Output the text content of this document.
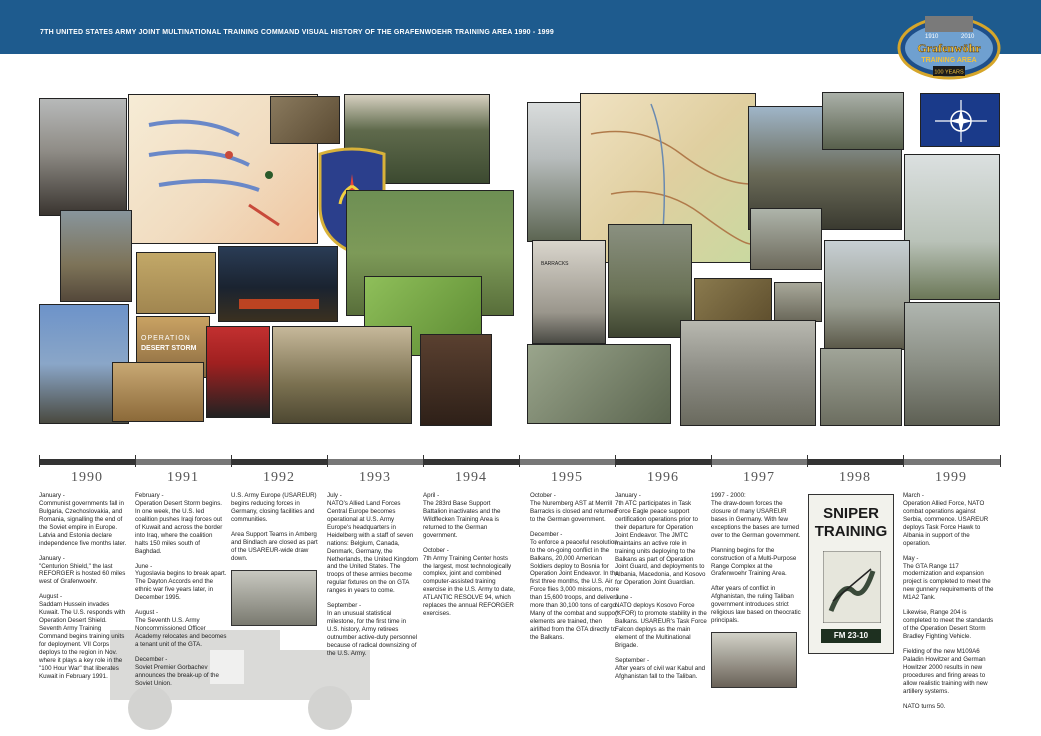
7TH UNITED STATES ARMY JOINT MULTINATIONAL TRAINING COMMAND VISUAL HISTORY OF THE GRAFENWOEHR TRAINING AREA 1990 - 1999
1910	2010
Grafenwöhr
TRAINING AREA
100 YEARS
OPERATION
DESERT STORM
BARRACKS
1990	1991	1992	1993	1994	1995	1996	1997	1998	1999

January -
Communist governments fall in Bulgaria, Czechoslovakia, and Romania, signalling the end of the Soviet empire in Europe. Latvia and Estonia declare independence five months later.

January -
"Centurion Shield," the last REFORGER is hosted 60 miles west of Grafenwoehr.

August -
Saddam Hussein invades Kuwait. The U.S. responds with Operation Desert Shield. Seventh Army Training Command begins training units for deployment. VII Corps deploys to the region in Nov. where it plays a key role in the "100 Hour War" that liberates Kuwait in February 1991.

February -
Operation Desert Storm begins. In one week, the U.S. led coalition pushes Iraqi forces out of Kuwait and across the border into Iraq, where the coalition halts 150 miles south of Baghdad.

June -
Yugoslavia begins to break apart. The Dayton Accords end the ethnic war five years later, in December 1995.

August -
The Seventh U.S. Army Noncommissioned Officer Academy relocates and becomes a tenant unit of the GTA.

December -
Soviet Premier Gorbachev announces the break-up of the Soviet Union.

U.S. Army Europe (USAREUR) begins reducing forces in Germany, closing facilities and communities.

Area Support Teams in Amberg and Bindlach are closed as part of the USAREUR-wide draw down.

July -
NATO's Allied Land Forces Central Europe becomes operational at U.S. Army Europe's headquarters in Heidelberg with a staff of seven nations: Belgium, Canada, Denmark, Germany, the Netherlands, the United Kingdom and the United States. The troops of these armies become regular fixtures on the on GTA ranges in years to come.

September -
In an unusual statistical milestone, for the first time in U.S. history, Army retirees outnumber active-duty personnel because of radical downsizing of the U.S. Army.

April -
The 283rd Base Support Battalion inactivates and the Wildflecken Training Area is returned to the German government.

October -
7th Army Training Center hosts the largest, most technologically complex, joint and combined computer-assisted training exercise in the U.S. Army to date, ATLANTIC RESOLVE 94, which replaces the annual REFORGER exercises.

October -
The Nuremberg AST at Merrill Barracks is closed and returned to the German government.

December -
To enforce a peaceful resolution to the on-going conflict in the Balkans, 20,000 American Soldiers deploy to Bosnia for Operation Joint Endeavor. In the first three months, the U.S. Air Force flies 3,000 missions, more than 15,600 troops, and delivers more than 30,100 tons of cargo. Many of the combat and support elements are trained, then airlifted from the GTA directly to the Balkans.

January -
7th ATC participates in Task Force Eagle peace support certification operations prior to their departure for Operation Joint Endeavor. The JMTC maintains an active role in training units deploying to the Balkans as part of Operation Joint Guard, and deployments to Albania, Macedonia, and Kosovo for Operation Joint Guardian.

June -
NATO deploys Kosovo Force (KFOR) to promote stability in the Balkans. USAREUR's Task Force Falcon deploys as the main element of the Multinational Brigade.

September -
After years of civil war Kabul and Afghanistan fall to the Taliban.

1997 - 2000:
The draw-down forces the closure of many USAREUR bases in Germany. With few exceptions the bases are turned over to the German government.

Planning begins for the construction of a Multi-Purpose Range Complex at the Grafenwoehr Training Area.

After years of conflict in Afghanistan, the ruling Taliban government introduces strict religious law based on theocratic principals.

March -
Operation Allied Force, NATO combat operations against Serbia, commence. USAREUR deploys Task Force Hawk to Albania in support of the operation.

May -
The GTA Range 117 modernization and expansion project is completed to meet the new gunnery requirements of the M1A2 Tank.

Likewise, Range 204 is completed to meet the standards of the Operation Desert Storm Bradley Fighting Vehicle.

Fielding of the new M109A6 Paladin Howitzer and German Howitzer 2000 results in new procedures and firing areas to allow realistic training with new artillery systems.

NATO turns 50.

SNIPER
TRAINING
FM 23-10
